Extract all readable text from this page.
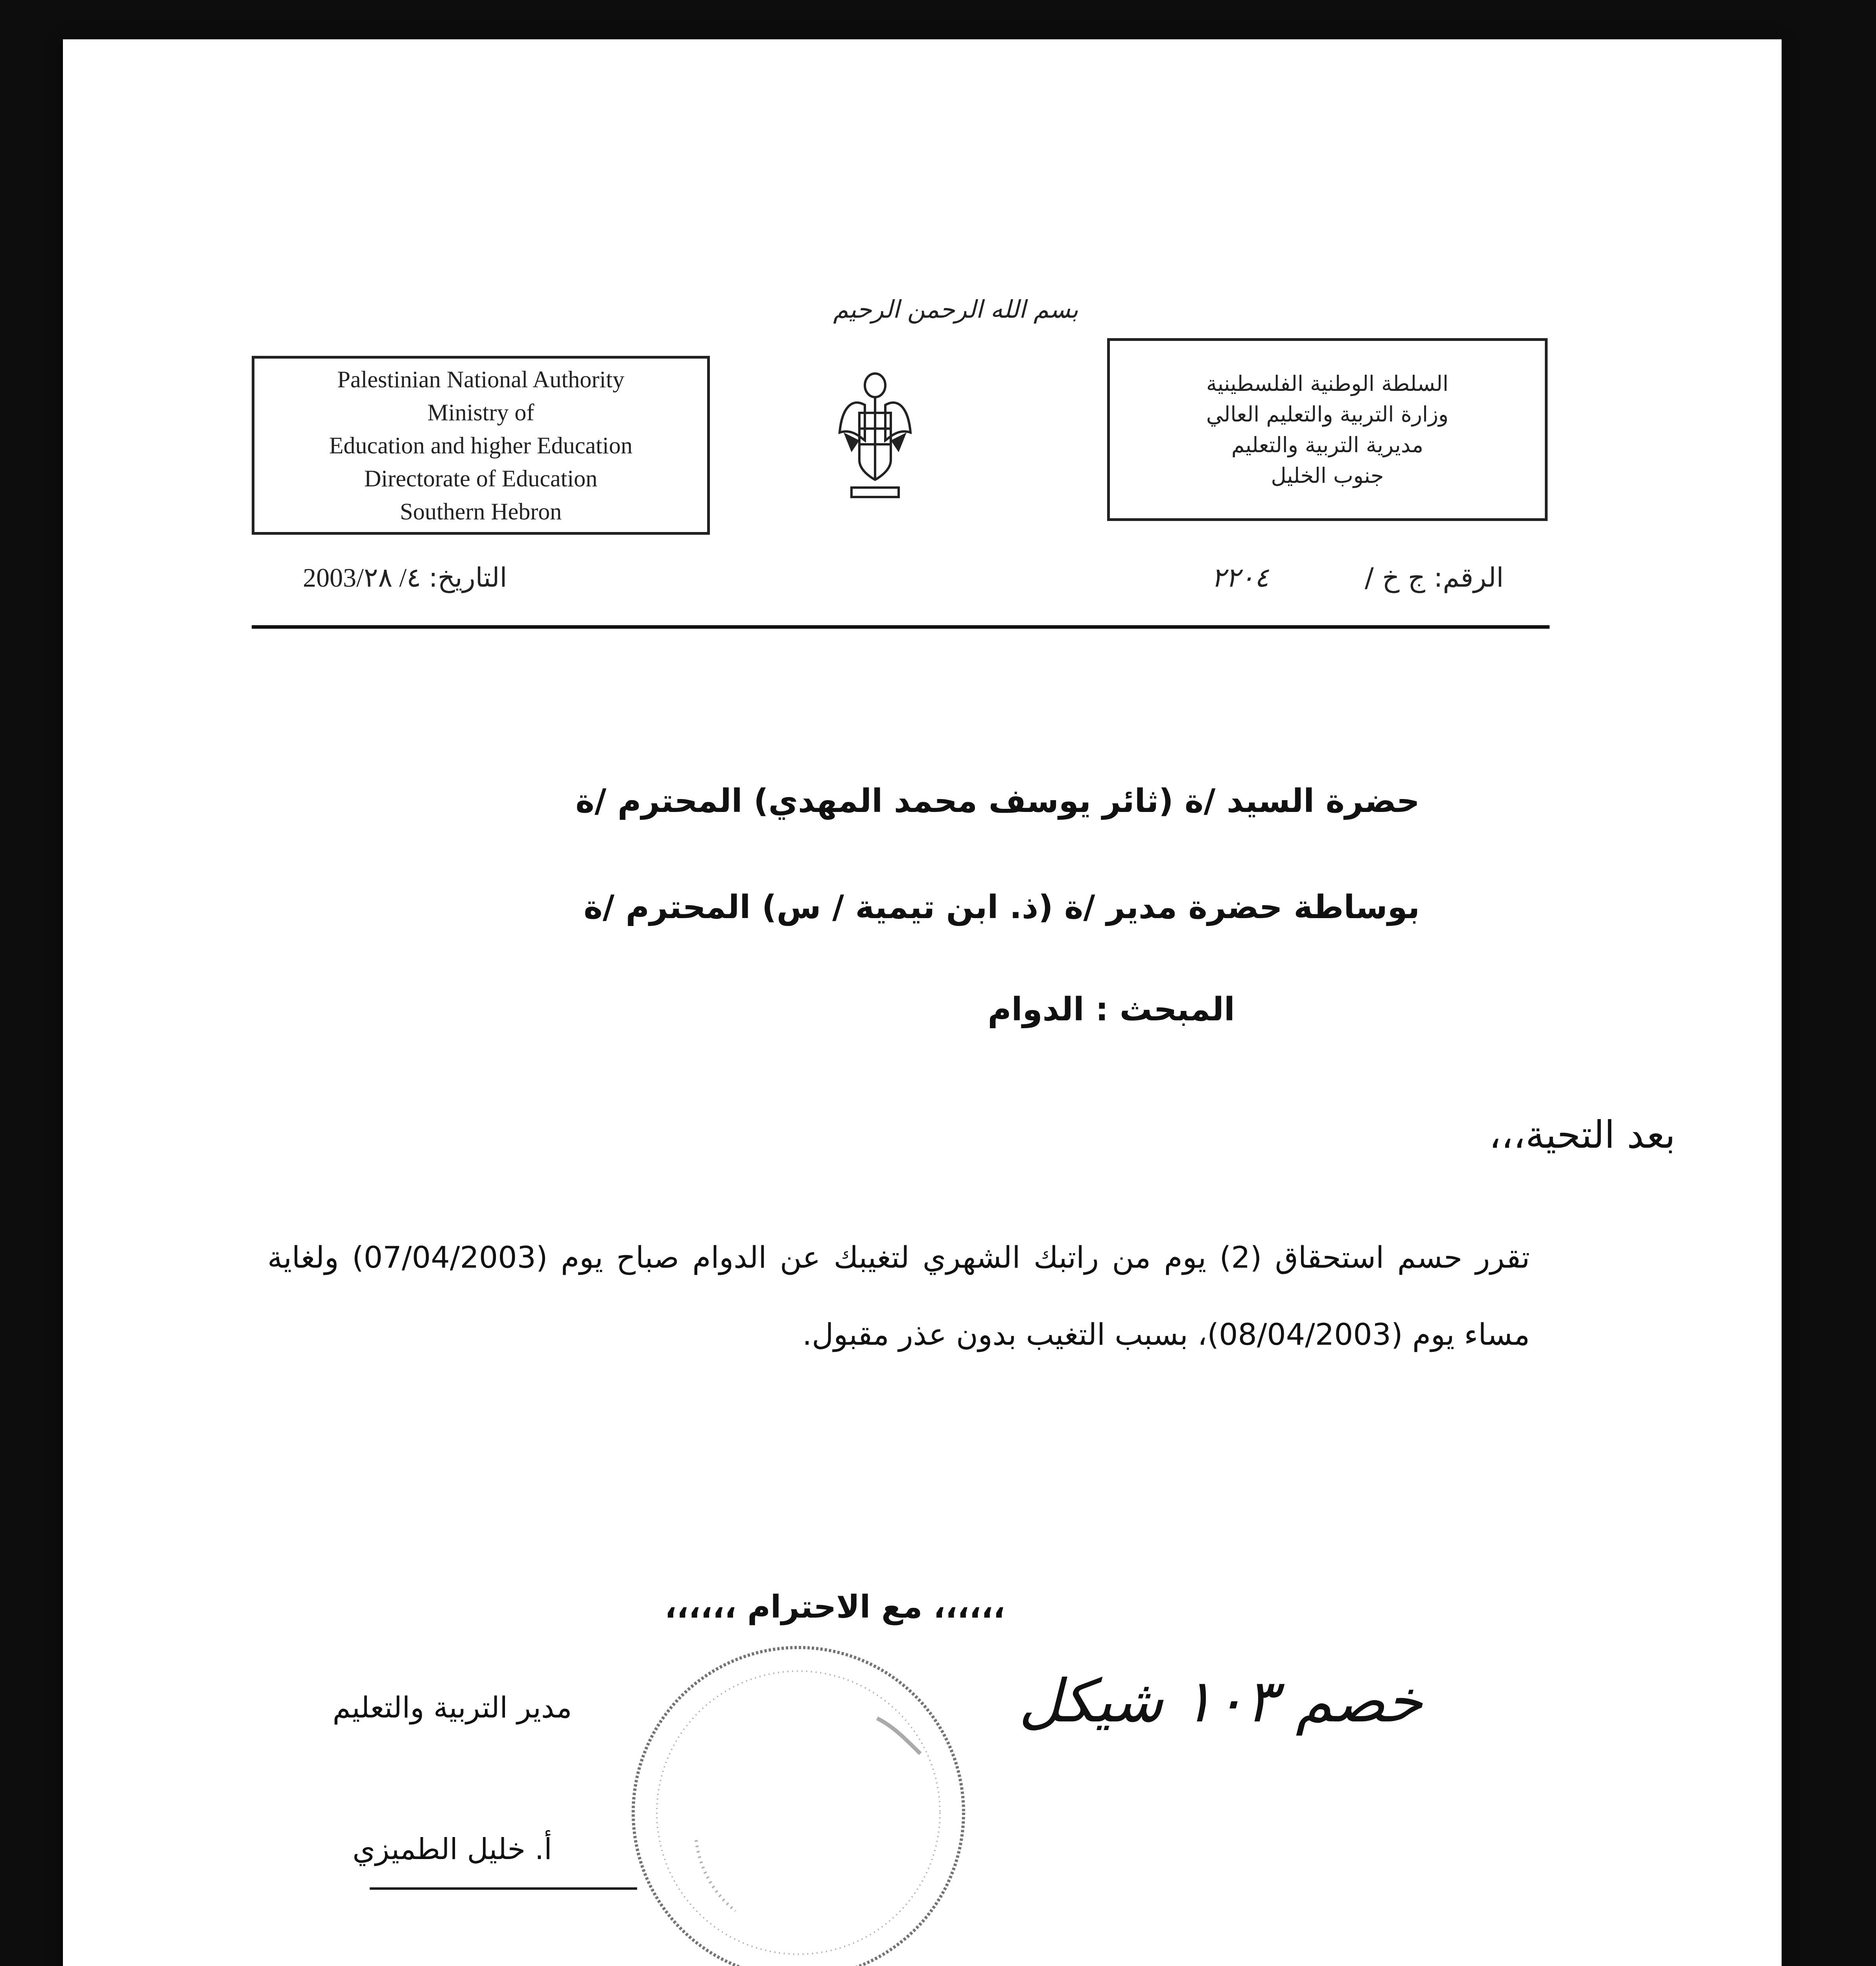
بسم الله الرحمن الرحيم
Palestinian National Authority
Ministry of
Education and higher Education
Directorate of Education
Southern Hebron
السلطة الوطنية الفلسطينية
وزارة التربية والتعليم العالي
مديرية التربية والتعليم
جنوب الخليل
التاريخ:
2003/٤/ ٢٨	الرقم: ج خ /
٢٢٠٤
حضرة السيد /ة (ثائر يوسف محمد المهدي) المحترم /ة
بوساطة حضرة مدير /ة (ذ. ابن تيمية / س) المحترم /ة
المبحث : الدوام
بعد التحية،،،
تقرر حسم استحقاق (2) يوم من راتبك الشهري لتغيبك عن الدوام صباح يوم (07/04/2003) ولغاية مساء يوم (08/04/2003)، بسبب التغيب بدون عذر مقبول.
،،،،،، مع الاحترام ،،،،،،
مدير التربية والتعليم
أ. خليل الطميزي
خصم ١٠٣ شيكل
